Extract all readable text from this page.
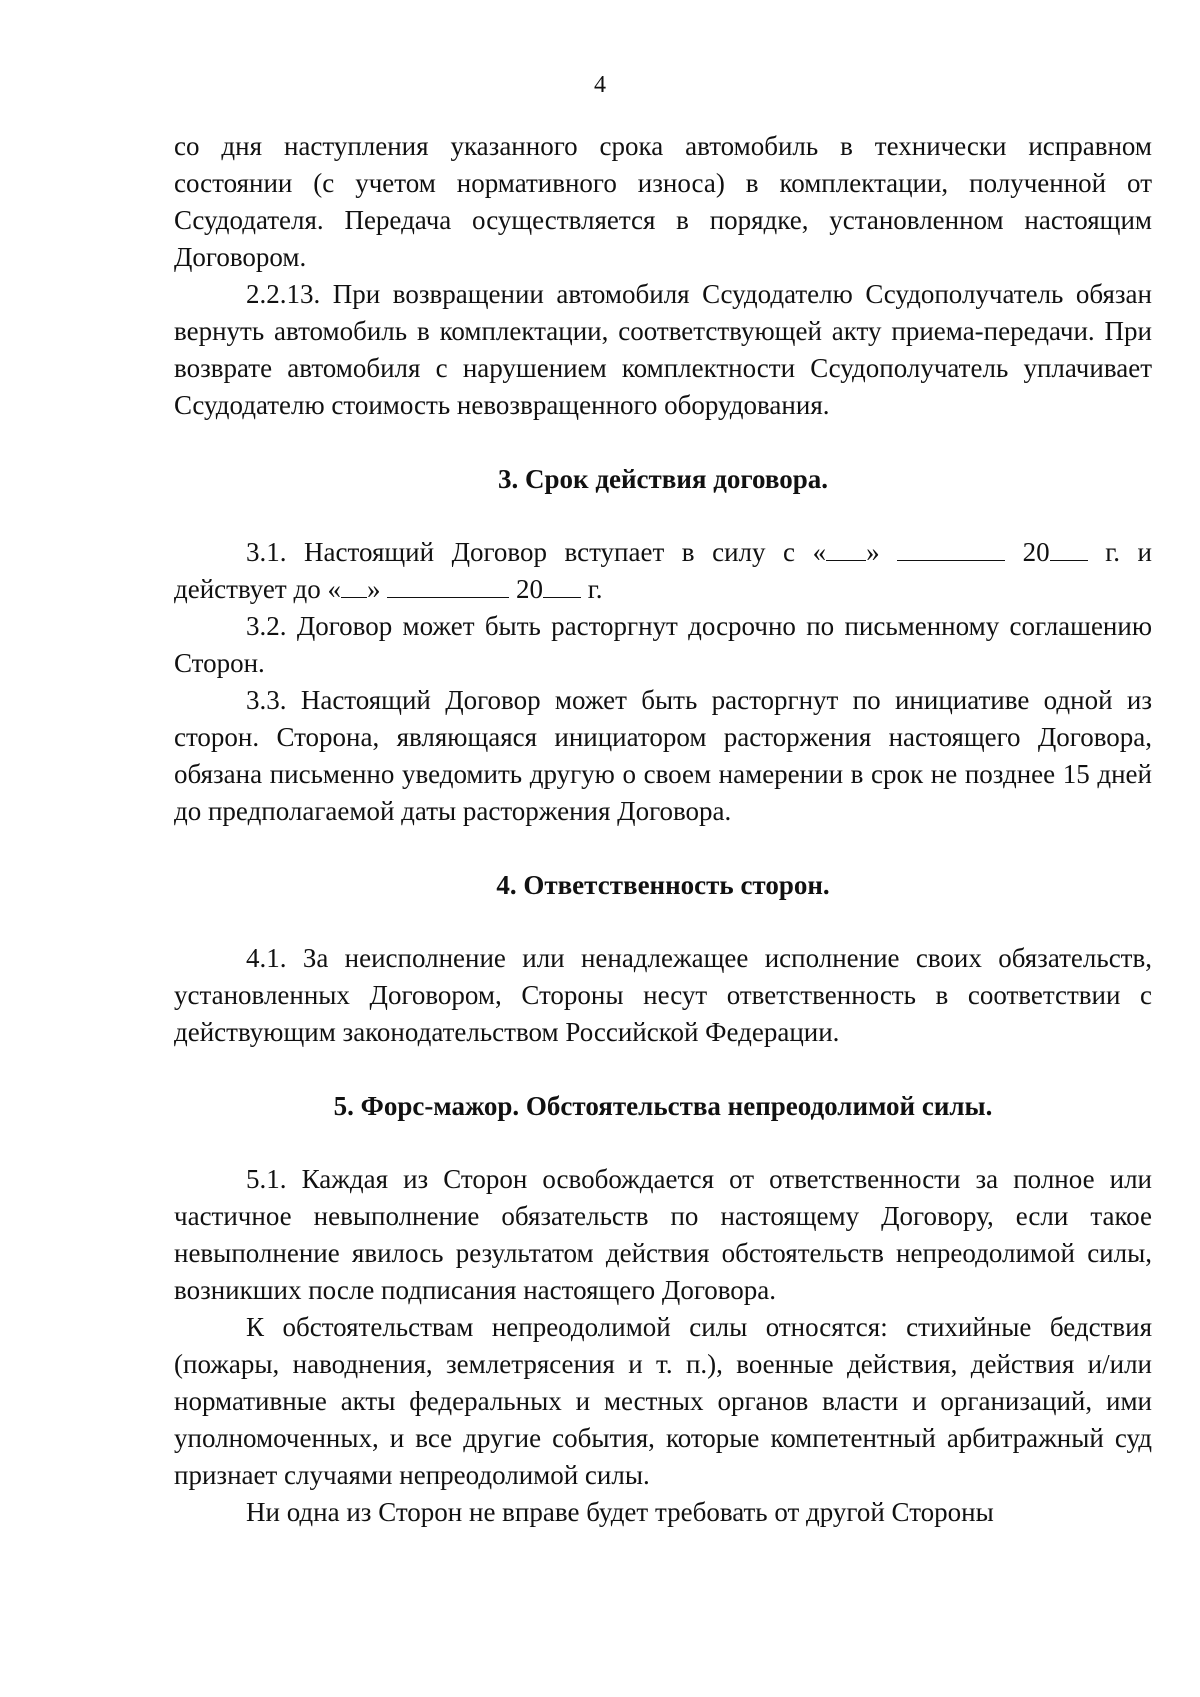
4

со дня наступления указанного срока автомобиль в технически исправном состоянии (с учетом нормативного износа) в комплектации, полученной от Ссудодателя. Передача осуществляется в порядке, установленном настоящим Договором.

2.2.13. При возвращении автомобиля Ссудодателю Ссудополучатель обязан вернуть автомобиль в комплектации, соответствующей акту приема-передачи. При возврате автомобиля с нарушением комплектности Ссудополучатель уплачивает Ссудодателю стоимость невозвращенного оборудования.

3. Срок действия договора.

3.1. Настоящий Договор вступает в силу с « »	20 г. и действует до « »	20 г.

3.2. Договор может быть расторгнут досрочно по письменному соглашению Сторон.

3.3. Настоящий Договор может быть расторгнут по инициативе одной из сторон. Сторона, являющаяся инициатором расторжения настоящего Договора, обязана письменно уведомить другую о своем намерении в срок не позднее 15 дней до предполагаемой даты расторжения Договора.

4. Ответственность сторон.

4.1. За неисполнение или ненадлежащее исполнение своих обязательств, установленных Договором, Стороны несут ответственность в соответствии с действующим законодательством Российской Федерации.

5. Форс-мажор. Обстоятельства непреодолимой силы.

5.1. Каждая из Сторон освобождается от ответственности за полное или частичное невыполнение обязательств по настоящему Договору, если такое невыполнение явилось результатом действия обстоятельств непреодолимой силы, возникших после подписания настоящего Договора.

К обстоятельствам непреодолимой силы относятся: стихийные бедствия (пожары, наводнения, землетрясения и т. п.), военные действия, действия и/или нормативные акты федеральных и местных органов власти и организаций, ими уполномоченных, и все другие события, которые компетентный арбитражный суд признает случаями непреодолимой силы.

Ни одна из Сторон не вправе будет требовать от другой Стороны
